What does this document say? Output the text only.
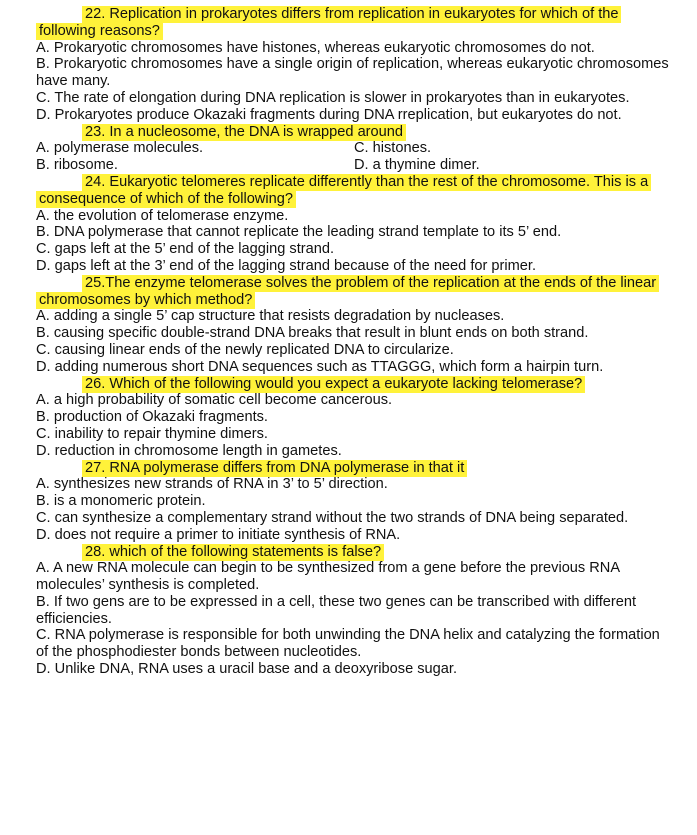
22. Replication in prokaryotes differs from replication in eukaryotes for which of the following reasons?

A. Prokaryotic chromosomes have histones, whereas eukaryotic chromosomes do not.

B. Prokaryotic chromosomes have a single origin of replication, whereas eukaryotic chromosomes have many.

C. The rate of elongation during DNA replication is slower in prokaryotes than in eukaryotes.

D. Prokaryotes produce Okazaki fragments during DNA rreplication, but eukaryotes do not.

23. In a nucleosome, the DNA is wrapped around

A. polymerase molecules.	C. histones.

B. ribosome.	D. a thymine dimer.

24. Eukaryotic telomeres replicate differently than the rest of the chromosome. This is a consequence of which of the following?

A. the evolution of telomerase enzyme.

B. DNA polymerase that cannot replicate the leading strand template to its 5’ end.

C. gaps left at the 5’ end of the lagging strand.

D. gaps left at the 3’ end of the lagging strand because of the need for primer.

25.The enzyme telomerase solves the problem of the replication at the ends of the linear chromosomes by which method?

A. adding a single 5’ cap structure that resists degradation by nucleases.

B. causing specific double-strand DNA breaks that result in blunt ends on both strand.

C. causing linear ends of the newly replicated DNA to circularize.

D. adding numerous short DNA sequences such as TTAGGG, which form a hairpin turn.

26. Which of the following would you expect a eukaryote lacking telomerase?

A. a high probability of somatic cell become cancerous.

B. production of Okazaki fragments.

C. inability to repair thymine dimers.

D. reduction in chromosome length in gametes.

27. RNA polymerase differs from DNA polymerase in that it

A. synthesizes new strands of RNA in 3’ to 5’ direction.

B. is a monomeric protein.

C. can synthesize a complementary strand without the two strands of DNA being separated.

D. does not require a primer to initiate synthesis of RNA.

28. which of the following statements is false?

A. A new RNA molecule can begin to be synthesized from a gene before the previous RNA molecules’ synthesis is completed.

B. If two gens are to be expressed in a cell, these two genes can be transcribed with different efficiencies.

C. RNA polymerase is responsible for both unwinding the DNA helix and catalyzing the formation of the phosphodiester bonds between nucleotides.

D. Unlike DNA, RNA uses a uracil base and a deoxyribose sugar.
